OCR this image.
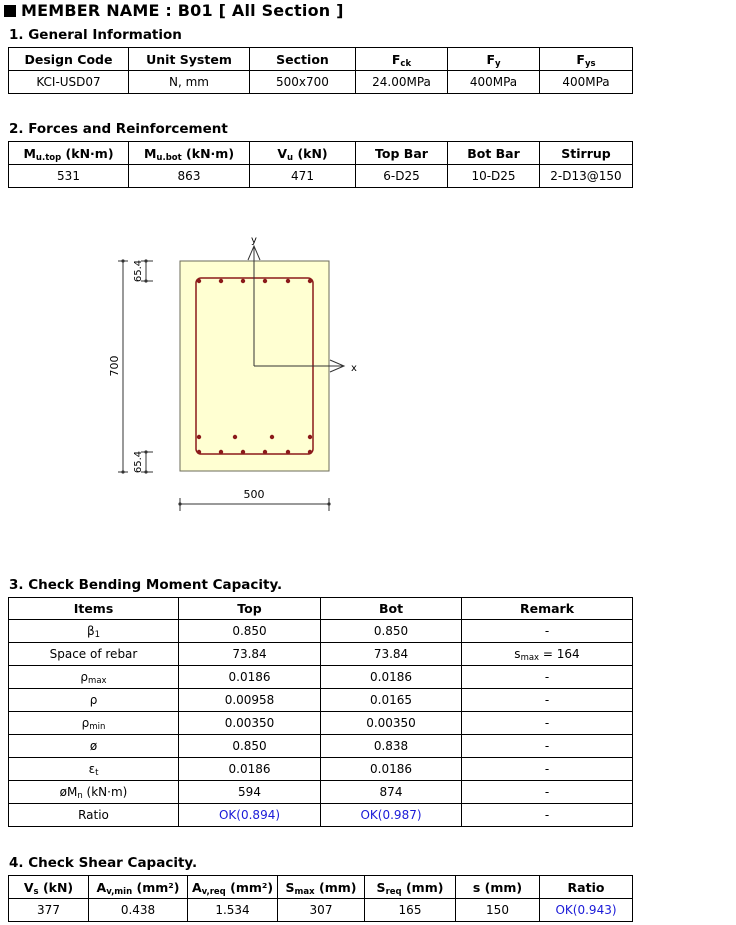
MEMBER NAME : B01 [ All Section ]
1. General Information
Design Code	Unit System	Section	$F_{ck}$	$F_y$	$F_{ys}$
KCI-USD07	N, mm	500x700	24.00MPa	400MPa	400MPa
2. Forces and Reinforcement
$M_{u.top}$ (kN·m)	$M_{u.bot}$ (kN·m)	$V_u$ (kN)	Top Bar	Bot Bar	Stirrup
531	863	471	6-D25	10-D25	2-D13@150
y
x
700
65.4
65.4
500
3. Check Bending Moment Capacity.
Items	Top	Bot	Remark
$\beta_1$	0.850	0.850	-
Space of rebar	73.84	73.84	$s_{max} = 164$
$\rho_{max}$	0.0186	0.0186	-
ρ	0.00958	0.0165	-
$\rho_{min}$	0.00350	0.00350	-
ø	0.850	0.838	-
$\varepsilon_t$	0.0186	0.0186	-
$øM_n$ (kN·m)	594	874	-
Ratio	OK(0.894)	OK(0.987)	-
4. Check Shear Capacity.
$V_s$ (kN)	$A_{v,min}$ (mm²)	$A_{v,req}$ (mm²)	$S_{max}$ (mm)	$S_{req}$ (mm)	s (mm)	Ratio
377	0.438	1.534	307	165	150	OK(0.943)
